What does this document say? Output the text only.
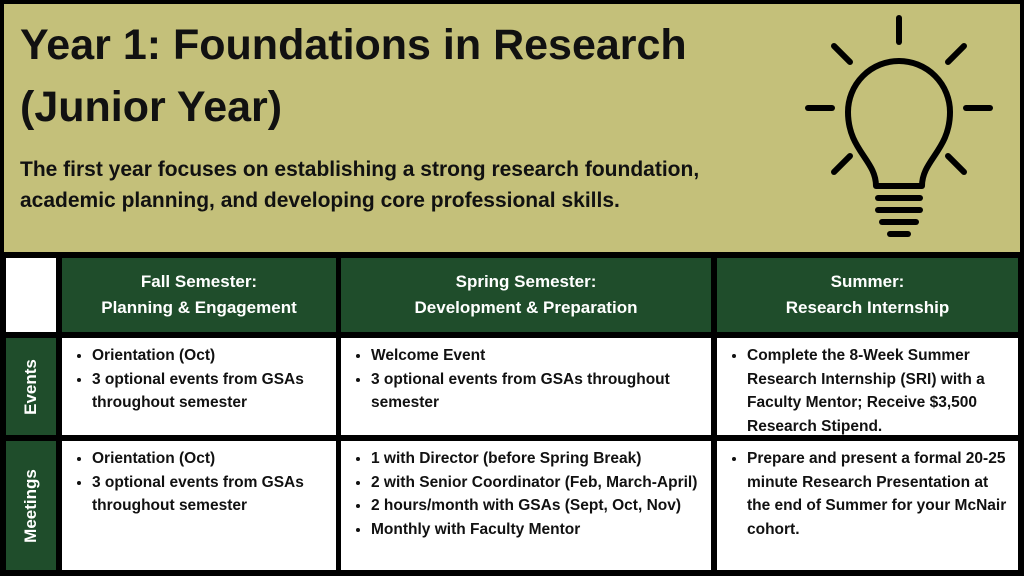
Year 1: Foundations in Research
(Junior Year)
The first year focuses on establishing a strong research foundation,
academic planning, and developing core professional skills.
Fall Semester:
Planning & Engagement
Spring Semester:
Development & Preparation
Summer:
Research Internship
Events
• Orientation (Oct)
• 3 optional events from GSAs throughout semester
• Welcome Event
• 3 optional events from GSAs throughout semester
• Complete the 8-Week Summer Research Internship (SRI) with a Faculty Mentor; Receive $3,500 Research Stipend.
Meetings
• Orientation (Oct)
• 3 optional events from GSAs throughout semester
• 1 with Director (before Spring Break)
• 2 with Senior Coordinator (Feb, March-April)
• 2 hours/month with GSAs (Sept, Oct, Nov)
• Monthly with Faculty Mentor
• Prepare and present a formal 20-25 minute Research Presentation at the end of Summer for your McNair cohort.
